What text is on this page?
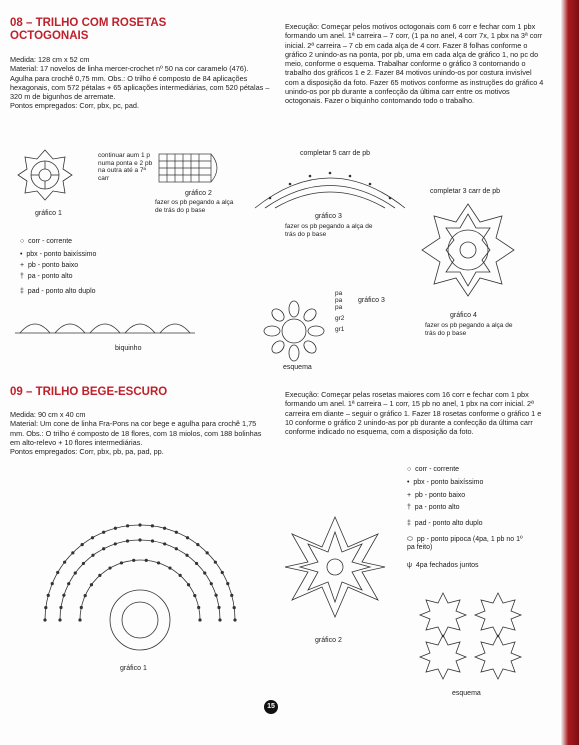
08 – TRILHO COM ROSETAS
OCTOGONAIS
Medida: 128 cm x 52 cm
Material: 17 novelos de linha mercer-crochet nº 50 na cor caramelo (476). Agulha para crochê 0,75 mm. Obs.: O trilho é composto de 84 aplicações hexagonais, com 572 pétalas + 65 aplicações intermediárias, com 520 pétalas – 320 m de bigunhos de arremate.
Pontos empregados: Corr, pbx, pc, pad.
Execução: Começar pelos motivos octogonais com 6 corr e fechar com 1 pbx formando um anel. 1ª carreira – 7 corr, (1 pa no anel, 4 corr 7x, 1 pbx na 3ª corr inicial. 2ª carreira – 7 cb em cada alça de 4 corr. Fazer 8 folhas conforme o gráfico 2 unindo-as na ponta, por pb, uma em cada alça de gráfico 1, no pc do meio, conforme o esquema. Trabalhar conforme o gráfico 3 contornando o trabalho dos gráficos 1 e 2. Fazer 84 motivos unindo-os por costura invisível com a disposição da foto. Fazer 65 motivos conforme as instruções do gráfico 4 unindo-os por pb durante a confecção da última carr entre os motivos octogonais. Fazer o biquinho contornando todo o trabalho.
gráfico 1
continuar aum 1 p numa ponta e 2 pb na outra até a 7ª carr
gráfico 2
fazer os pb pegando a alça de trás do p base
completar 5 carr de pb
gráfico 3
fazer os pb pegando a alça de trás do p base
completar 3 carr de pb
gráfico 4
fazer os pb pegando a alça de trás do p base
○ corr - corrente
• pbx - ponto baixíssimo
+ pb - ponto baixo
† pa - ponto alto
‡ pad - ponto alto duplo
biquinho
pa
pa
pa
gr2
gr1
gráfico 3
esquema
09 – TRILHO BEGE-ESCURO
Medida: 90 cm x 40 cm
Material: Um cone de linha Fra-Pons na cor bege e agulha para crochê 1,75 mm. Obs.: O trilho é composto de 18 flores, com 18 miolos, com 188 bolinhas em alto-relevo + 10 flores intermediárias.
Pontos empregados: Corr, pbx, pb, pa, pad, pp.
Execução: Começar pelas rosetas maiores com 16 corr e fechar com 1 pbx formando um anel. 1ª carreira – 1 corr, 15 pb no anel, 1 pbx na corr inicial. 2ª carreira em diante – seguir o gráfico 1. Fazer 18 rosetas conforme o gráfico 1 e 10 conforme o gráfico 2 unindo-as por pb durante a confecção da última carr conforme indicado no esquema, com a disposição da foto.
gráfico 1
gráfico 2
○ corr - corrente
• pbx - ponto baixíssimo
+ pb - ponto baixo
† pa - ponto alto
‡ pad - ponto alto duplo
⬭ pp - ponto pipoca (4pa, 1 pb no 1º pa feito)
ψ 4pa fechados juntos
esquema
15
